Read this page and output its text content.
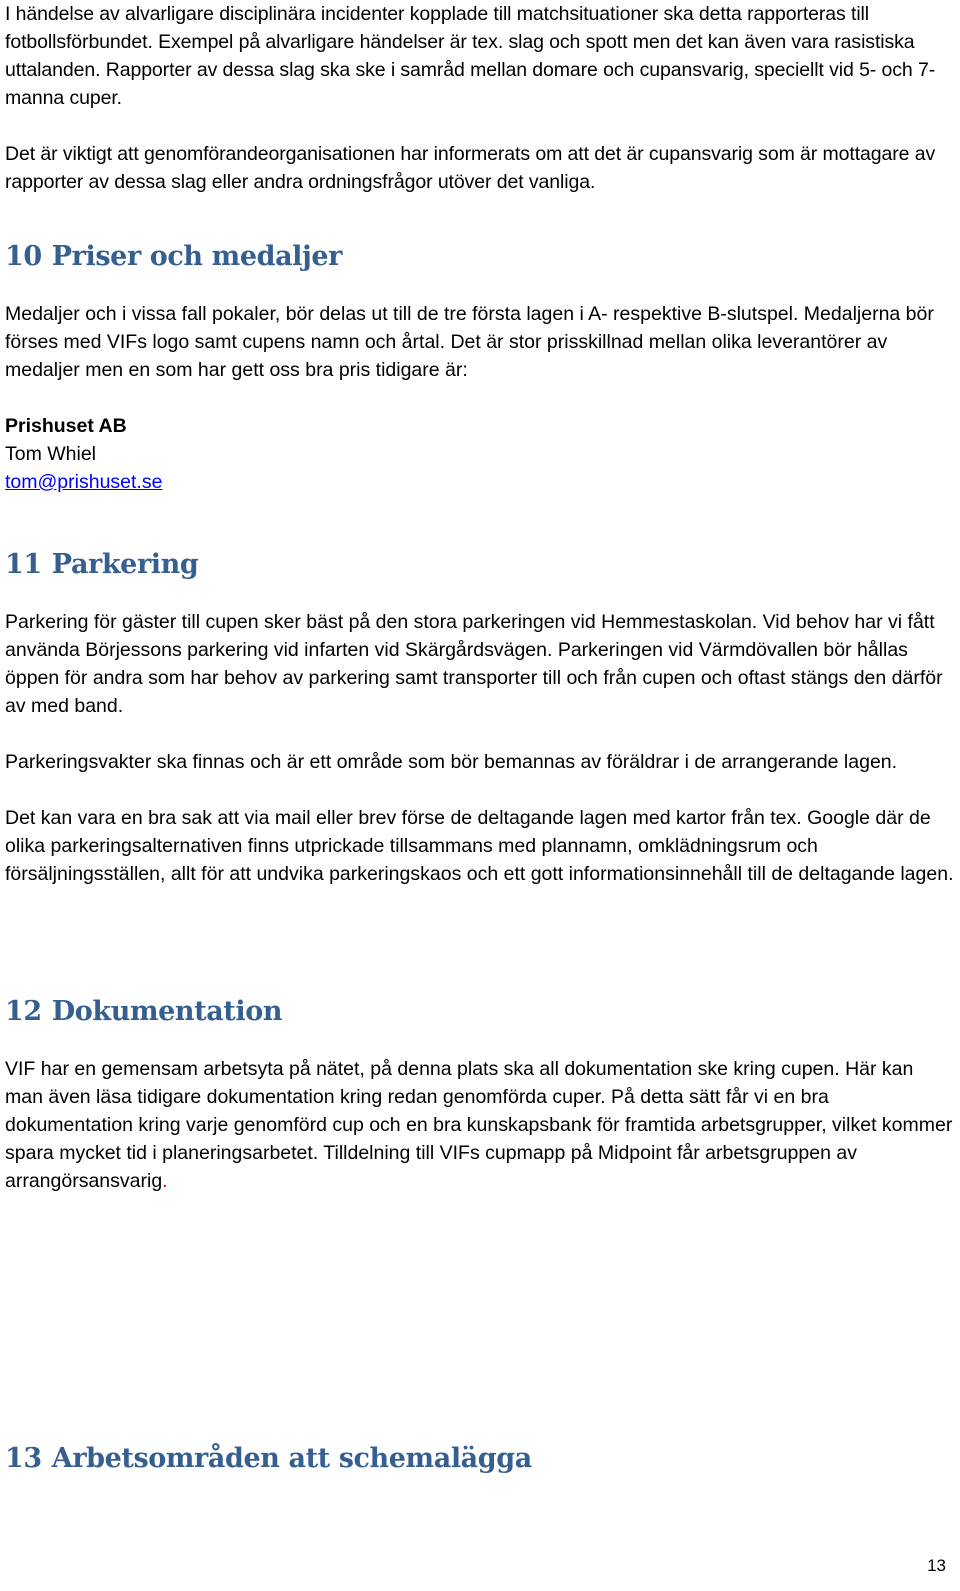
I händelse av alvarligare disciplinära incidenter kopplade till matchsituationer ska detta rapporteras till fotbollsförbundet. Exempel på alvarligare händelser är tex. slag och spott men det kan även vara rasistiska uttalanden. Rapporter av dessa slag ska ske i samråd mellan domare och cupansvarig, speciellt vid 5- och 7-manna cuper.

Det är viktigt att genomförandeorganisationen har informerats om att det är cupansvarig som är mottagare av rapporter av dessa slag eller andra ordningsfrågor utöver det vanliga.

10 Priser och medaljer

Medaljer och i vissa fall pokaler, bör delas ut till de tre första lagen i A- respektive B-slutspel. Medaljerna bör förses med VIFs logo samt cupens namn och årtal. Det är stor prisskillnad mellan olika leverantörer av medaljer men en som har gett oss bra pris tidigare är:

Prishuset AB

Tom Whiel

tom@prishuset.se

11 Parkering

Parkering för gäster till cupen sker bäst på den stora parkeringen vid Hemmestaskolan. Vid behov har vi fått använda Börjessons parkering vid infarten vid Skärgårdsvägen. Parkeringen vid Värmdövallen bör hållas öppen för andra som har behov av parkering samt transporter till och från cupen och oftast stängs den därför av med band.

Parkeringsvakter ska finnas och är ett område som bör bemannas av föräldrar i de arrangerande lagen.

Det kan vara en bra sak att via mail eller brev förse de deltagande lagen med kartor från tex. Google där de olika parkeringsalternativen finns utprickade tillsammans med plannamn, omklädningsrum och försäljningsställen, allt för att undvika parkeringskaos och ett gott informationsinnehåll till de deltagande lagen.

12 Dokumentation

VIF har en gemensam arbetsyta på nätet, på denna plats ska all dokumentation ske kring cupen. Här kan man även läsa tidigare dokumentation kring redan genomförda cuper. På detta sätt får vi en bra dokumentation kring varje genomförd cup och en bra kunskapsbank för framtida arbetsgrupper, vilket kommer spara mycket tid i planeringsarbetet. Tilldelning till VIFs cupmapp på Midpoint får arbetsgruppen av arrangörsansvarig.

13 Arbetsområden att schemalägga
13
